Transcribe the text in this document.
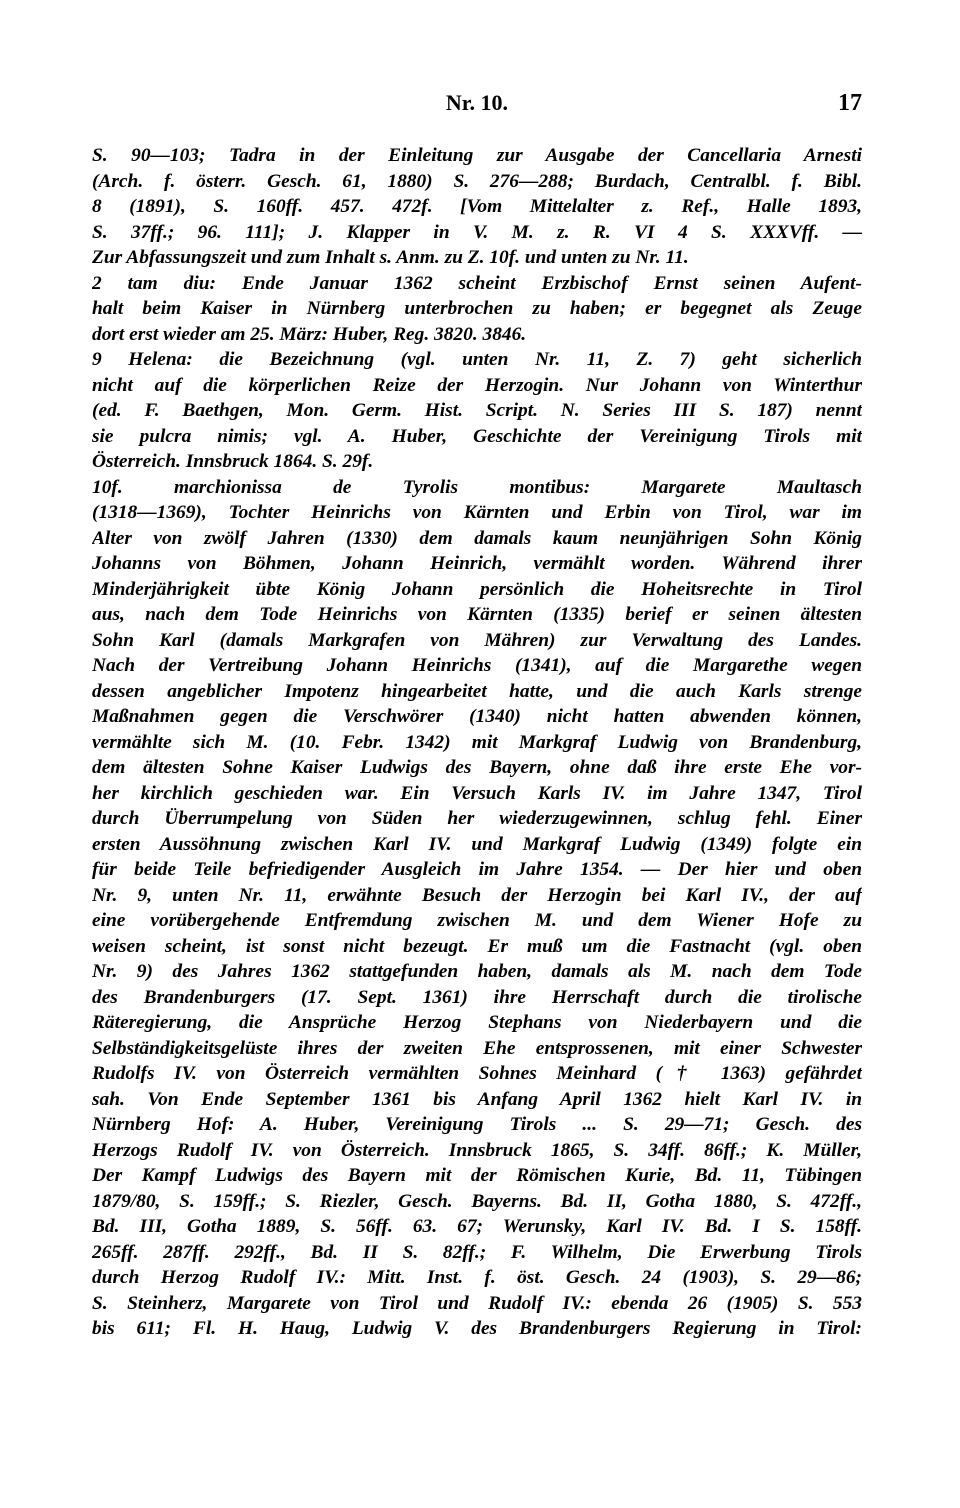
Nr. 10.	17
S. 90—103; Tadra in der Einleitung zur Ausgabe der Cancellaria Arnesti
(Arch. f. österr. Gesch. 61, 1880) S. 276—288; Burdach, Centralbl. f. Bibl.
8 (1891), S. 160ff. 457. 472f. [Vom Mittelalter z. Ref., Halle 1893,
S. 37ff.; 96. 111]; J. Klapper in V. M. z. R. VI 4 S. XXXVff. —
Zur Abfassungszeit und zum Inhalt s. Anm. zu Z. 10f. und unten zu Nr. 11.
2 tam diu: Ende Januar 1362 scheint Erzbischof Ernst seinen Aufent-
halt beim Kaiser in Nürnberg unterbrochen zu haben; er begegnet als Zeuge
dort erst wieder am 25. März: Huber, Reg. 3820. 3846.
9 Helena: die Bezeichnung (vgl. unten Nr. 11, Z. 7) geht sicherlich
nicht auf die körperlichen Reize der Herzogin. Nur Johann von Winterthur
(ed. F. Baethgen, Mon. Germ. Hist. Script. N. Series III S. 187) nennt
sie pulcra nimis; vgl. A. Huber, Geschichte der Vereinigung Tirols mit
Österreich. Innsbruck 1864. S. 29f.
10f. marchionissa de Tyrolis montibus: Margarete Maultasch
(1318—1369), Tochter Heinrichs von Kärnten und Erbin von Tirol, war im
Alter von zwölf Jahren (1330) dem damals kaum neunjährigen Sohn König
Johanns von Böhmen, Johann Heinrich, vermählt worden. Während ihrer
Minderjährigkeit übte König Johann persönlich die Hoheitsrechte in Tirol
aus, nach dem Tode Heinrichs von Kärnten (1335) berief er seinen ältesten
Sohn Karl (damals Markgrafen von Mähren) zur Verwaltung des Landes.
Nach der Vertreibung Johann Heinrichs (1341), auf die Margarethe wegen
dessen angeblicher Impotenz hingearbeitet hatte, und die auch Karls strenge
Maßnahmen gegen die Verschwörer (1340) nicht hatten abwenden können,
vermählte sich M. (10. Febr. 1342) mit Markgraf Ludwig von Brandenburg,
dem ältesten Sohne Kaiser Ludwigs des Bayern, ohne daß ihre erste Ehe vor-
her kirchlich geschieden war. Ein Versuch Karls IV. im Jahre 1347, Tirol
durch Überrumpelung von Süden her wiederzugewinnen, schlug fehl. Einer
ersten Aussöhnung zwischen Karl IV. und Markgraf Ludwig (1349) folgte ein
für beide Teile befriedigender Ausgleich im Jahre 1354. — Der hier und oben
Nr. 9, unten Nr. 11, erwähnte Besuch der Herzogin bei Karl IV., der auf
eine vorübergehende Entfremdung zwischen M. und dem Wiener Hofe zu
weisen scheint, ist sonst nicht bezeugt. Er muß um die Fastnacht (vgl. oben
Nr. 9) des Jahres 1362 stattgefunden haben, damals als M. nach dem Tode
des Brandenburgers (17. Sept. 1361) ihre Herrschaft durch die tirolische
Räteregierung, die Ansprüche Herzog Stephans von Niederbayern und die
Selbständigkeitsgelüste ihres der zweiten Ehe entsprossenen, mit einer Schwester
Rudolfs IV. von Österreich vermählten Sohnes Meinhard († 1363) gefährdet
sah. Von Ende September 1361 bis Anfang April 1362 hielt Karl IV. in
Nürnberg Hof: A. Huber, Vereinigung Tirols ... S. 29—71; Gesch. des
Herzogs Rudolf IV. von Österreich. Innsbruck 1865, S. 34ff. 86ff.; K. Müller,
Der Kampf Ludwigs des Bayern mit der Römischen Kurie, Bd. 11, Tübingen
1879/80, S. 159ff.; S. Riezler, Gesch. Bayerns. Bd. II, Gotha 1880, S. 472ff.,
Bd. III, Gotha 1889, S. 56ff. 63. 67; Werunsky, Karl IV. Bd. I S. 158ff.
265ff. 287ff. 292ff., Bd. II S. 82ff.; F. Wilhelm, Die Erwerbung Tirols
durch Herzog Rudolf IV.: Mitt. Inst. f. öst. Gesch. 24 (1903), S. 29—86;
S. Steinherz, Margarete von Tirol und Rudolf IV.: ebenda 26 (1905) S. 553
bis 611; Fl. H. Haug, Ludwig V. des Brandenburgers Regierung in Tirol:
